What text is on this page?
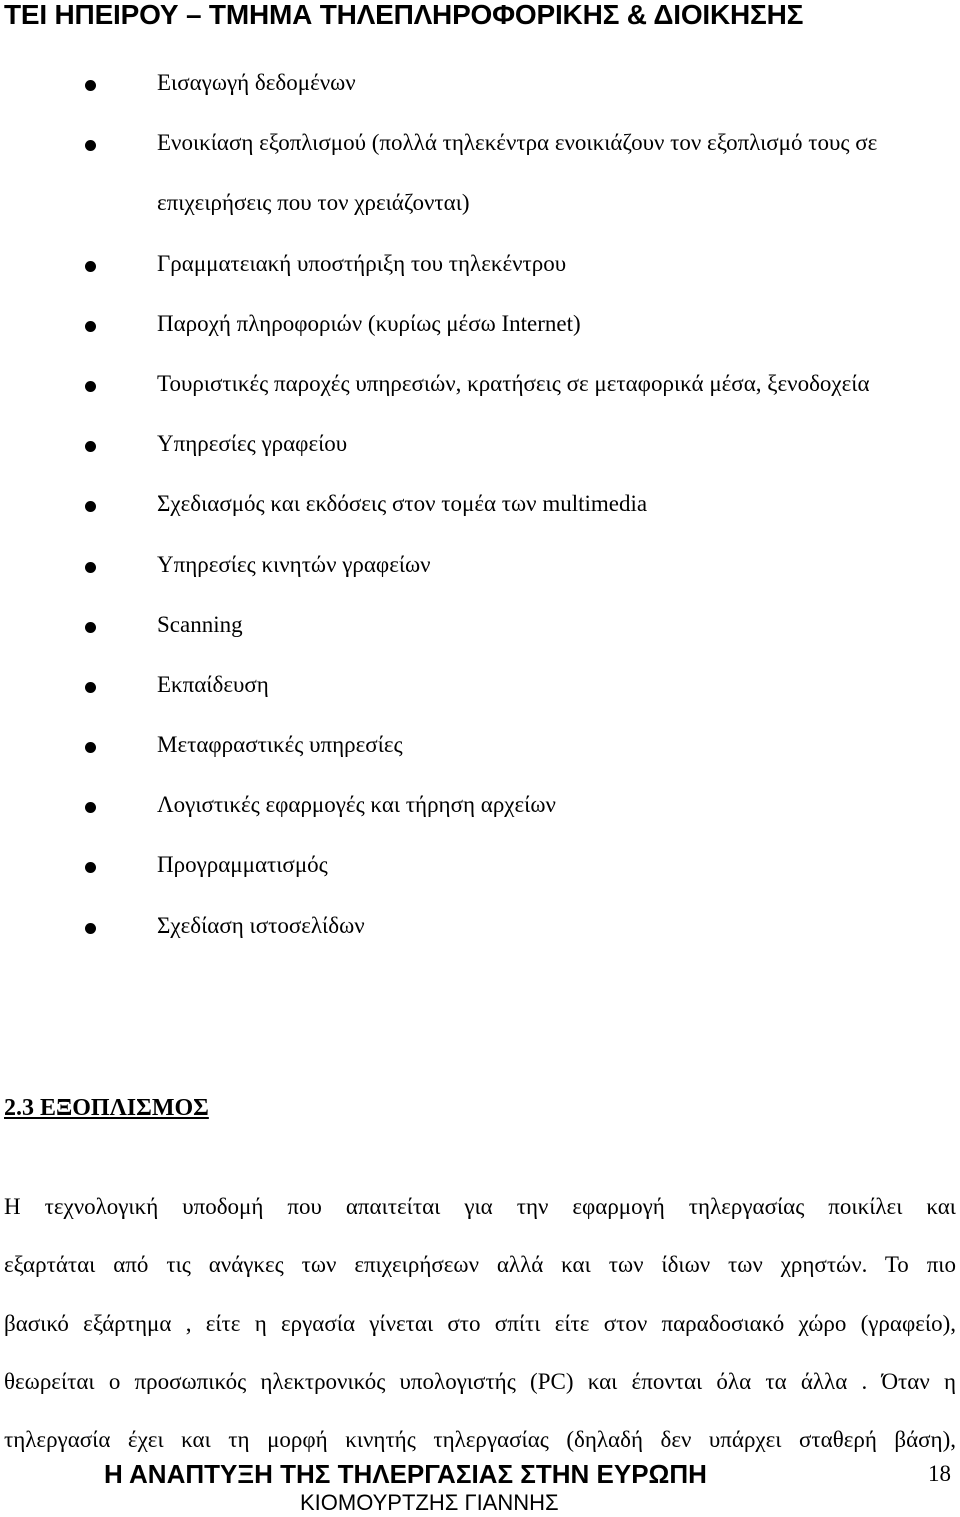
ΤΕΙ ΗΠΕΙΡΟΥ – ΤΜΗΜΑ ΤΗΛΕΠΛΗΡΟΦΟΡΙΚΗΣ & ΔΙΟΙΚΗΣΗΣ
Εισαγωγή δεδομένων
Ενοικίαση εξοπλισμού (πολλά τηλεκέντρα ενοικιάζουν τον εξοπλισμό τους σε επιχειρήσεις που τον χρειάζονται)
Γραμματειακή υποστήριξη του τηλεκέντρου
Παροχή πληροφοριών (κυρίως μέσω Internet)
Τουριστικές παροχές υπηρεσιών, κρατήσεις σε μεταφορικά μέσα, ξενοδοχεία
Υπηρεσίες γραφείου
Σχεδιασμός και εκδόσεις στον τομέα των multimedia
Υπηρεσίες κινητών γραφείων
Scanning
Εκπαίδευση
Μεταφραστικές υπηρεσίες
Λογιστικές εφαρμογές και τήρηση αρχείων
Προγραμματισμός
Σχεδίαση ιστοσελίδων
2.3 ΕΞΟΠΛΙΣΜΟΣ
Η τεχνολογική υποδομή που απαιτείται για την εφαρμογή τηλεργασίας ποικίλει και
εξαρτάται από τις ανάγκες των επιχειρήσεων αλλά και των ίδιων των χρηστών. Το πιο
βασικό εξάρτημα , είτε η εργασία γίνεται στο σπίτι είτε στον παραδοσιακό χώρο (γραφείο),
θεωρείται ο προσωπικός ηλεκτρονικός υπολογιστής (PC) και έπονται όλα τα άλλα . Όταν η
τηλεργασία έχει και τη μορφή κινητής τηλεργασίας (δηλαδή δεν υπάρχει σταθερή βάση),
Η ΑΝΑΠΤΥΞΗ ΤΗΣ ΤΗΛΕΡΓΑΣΙΑΣ ΣΤΗΝ ΕΥΡΩΠΗ	18
ΚΙΟΜΟΥΡΤΖΗΣ ΓΙΑΝΝΗΣ
